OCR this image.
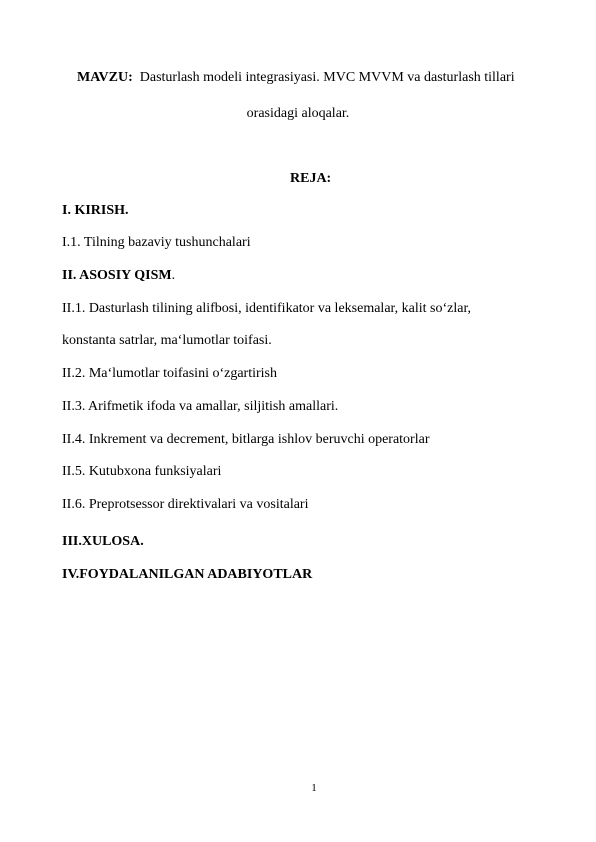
MAVZU: Dasturlash modeli integrasiyasi. MVC MVVM va dasturlash tillari
orasidagi aloqalar.
REJA:
I. KIRISH.
I.1. Tilning bazaviy tushunchalari
II. ASOSIY QISM.
II.1. Dasturlash tilining alifbosi, identifikator va leksemalar, kalit so‘zlar,
konstanta satrlar, ma‘lumotlar toifasi.
II.2. Ma‘lumotlar toifasini o‘zgartirish
II.3. Arifmetik ifoda va amallar, siljitish amallari.
II.4. Inkrement va decrement, bitlarga ishlov beruvchi operatorlar
II.5. Kutubxona funksiyalari
II.6. Preprotsessor direktivalari va vositalari
III.XULOSA.
IV.FOYDALANILGAN ADABIYOTLAR
1
